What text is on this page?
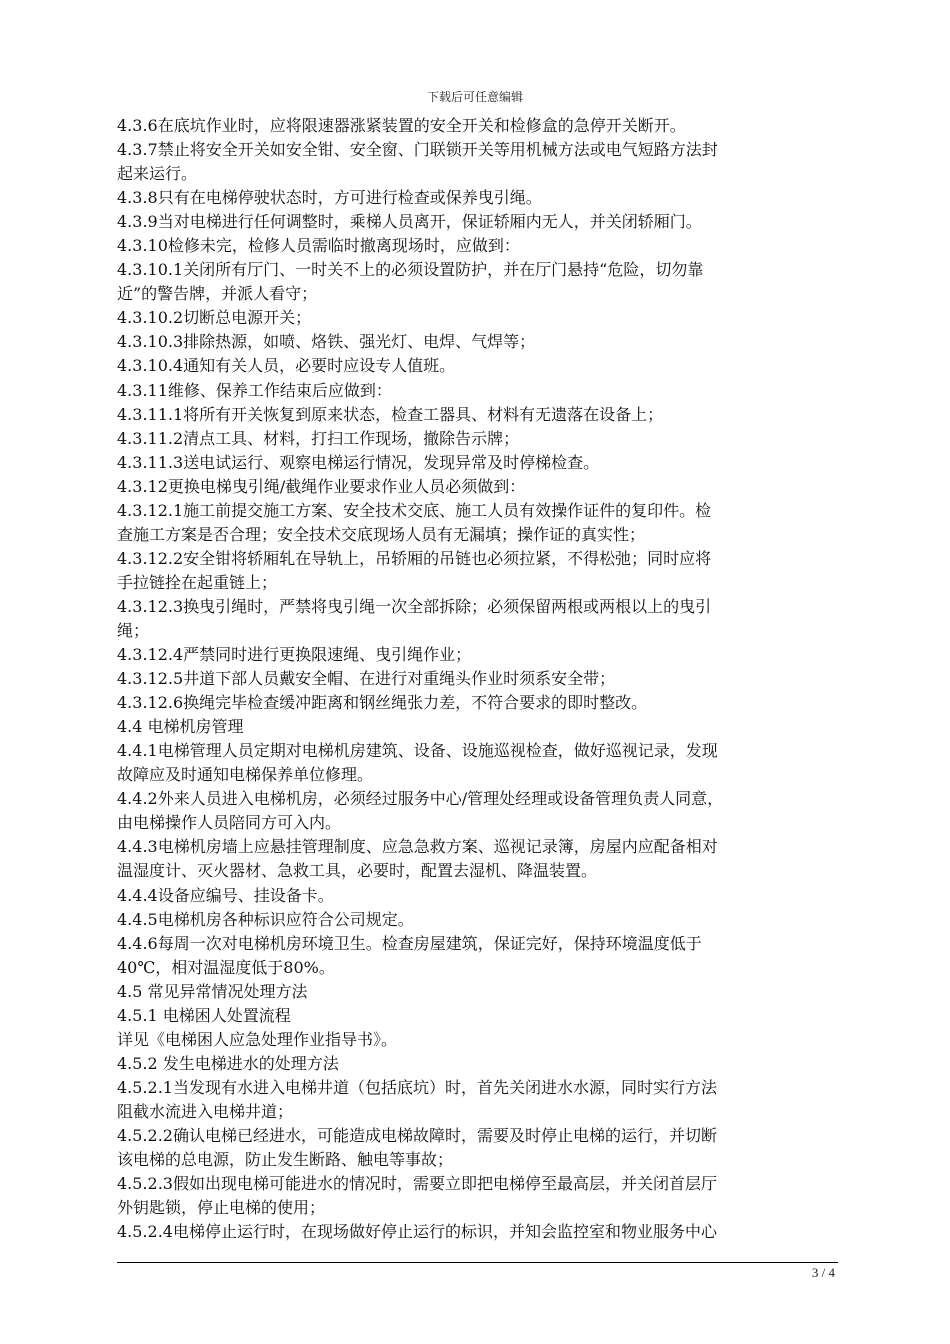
下载后可任意编辑
4.3.6在底坑作业时，应将限速器涨紧装置的安全开关和检修盒的急停开关断开。
4.3.7禁止将安全开关如安全钳、安全窗、门联锁开关等用机械方法或电气短路方法封
起来运行。
4.3.8只有在电梯停驶状态时，方可进行检查或保养曳引绳。
4.3.9当对电梯进行任何调整时，乘梯人员离开，保证轿厢内无人，并关闭轿厢门。
4.3.10检修未完，检修人员需临时撤离现场时，应做到：
4.3.10.1关闭所有厅门、一时关不上的必须设置防护，并在厅门悬持“危险，切勿靠
近”的警告牌，并派人看守；
4.3.10.2切断总电源开关；
4.3.10.3排除热源，如喷、烙铁、强光灯、电焊、气焊等；
4.3.10.4通知有关人员，必要时应设专人值班。
4.3.11维修、保养工作结束后应做到：
4.3.11.1将所有开关恢复到原来状态，检查工器具、材料有无遗落在设备上；
4.3.11.2清点工具、材料，打扫工作现场，撤除告示牌；
4.3.11.3送电试运行、观察电梯运行情况，发现异常及时停梯检查。
4.3.12更换电梯曳引绳/截绳作业要求作业人员必须做到：
4.3.12.1施工前提交施工方案、安全技术交底、施工人员有效操作证件的复印件。检
查施工方案是否合理；安全技术交底现场人员有无漏填；操作证的真实性；
4.3.12.2安全钳将轿厢轧在导轨上，吊轿厢的吊链也必须拉紧，不得松弛；同时应将
手拉链拴在起重链上；
4.3.12.3换曳引绳时，严禁将曳引绳一次全部拆除；必须保留两根或两根以上的曳引
绳；
4.3.12.4严禁同时进行更换限速绳、曳引绳作业；
4.3.12.5井道下部人员戴安全帽、在进行对重绳头作业时须系安全带；
4.3.12.6换绳完毕检查缓冲距离和钢丝绳张力差，不符合要求的即时整改。
4.4 电梯机房管理
4.4.1电梯管理人员定期对电梯机房建筑、设备、设施巡视检查，做好巡视记录，发现
故障应及时通知电梯保养单位修理。
4.4.2外来人员进入电梯机房，必须经过服务中心/管理处经理或设备管理负责人同意，
由电梯操作人员陪同方可入内。
4.4.3电梯机房墙上应悬挂管理制度、应急急救方案、巡视记录簿，房屋内应配备相对
温湿度计、灭火器材、急救工具，必要时，配置去湿机、降温装置。
4.4.4设备应编号、挂设备卡。
4.4.5电梯机房各种标识应符合公司规定。
4.4.6每周一次对电梯机房环境卫生。检查房屋建筑，保证完好，保持环境温度低于
40℃，相对温湿度低于80%。
4.5 常见异常情况处理方法
4.5.1 电梯困人处置流程
详见《电梯困人应急处理作业指导书》。
4.5.2 发生电梯进水的处理方法
4.5.2.1当发现有水进入电梯井道（包括底坑）时，首先关闭进水水源，同时实行方法
阻截水流进入电梯井道；
4.5.2.2确认电梯已经进水，可能造成电梯故障时，需要及时停止电梯的运行，并切断
该电梯的总电源，防止发生断路、触电等事故；
4.5.2.3假如出现电梯可能进水的情况时，需要立即把电梯停至最高层，并关闭首层厅
外钥匙锁，停止电梯的使用；
4.5.2.4电梯停止运行时，在现场做好停止运行的标识，并知会监控室和物业服务中心
3 / 4
